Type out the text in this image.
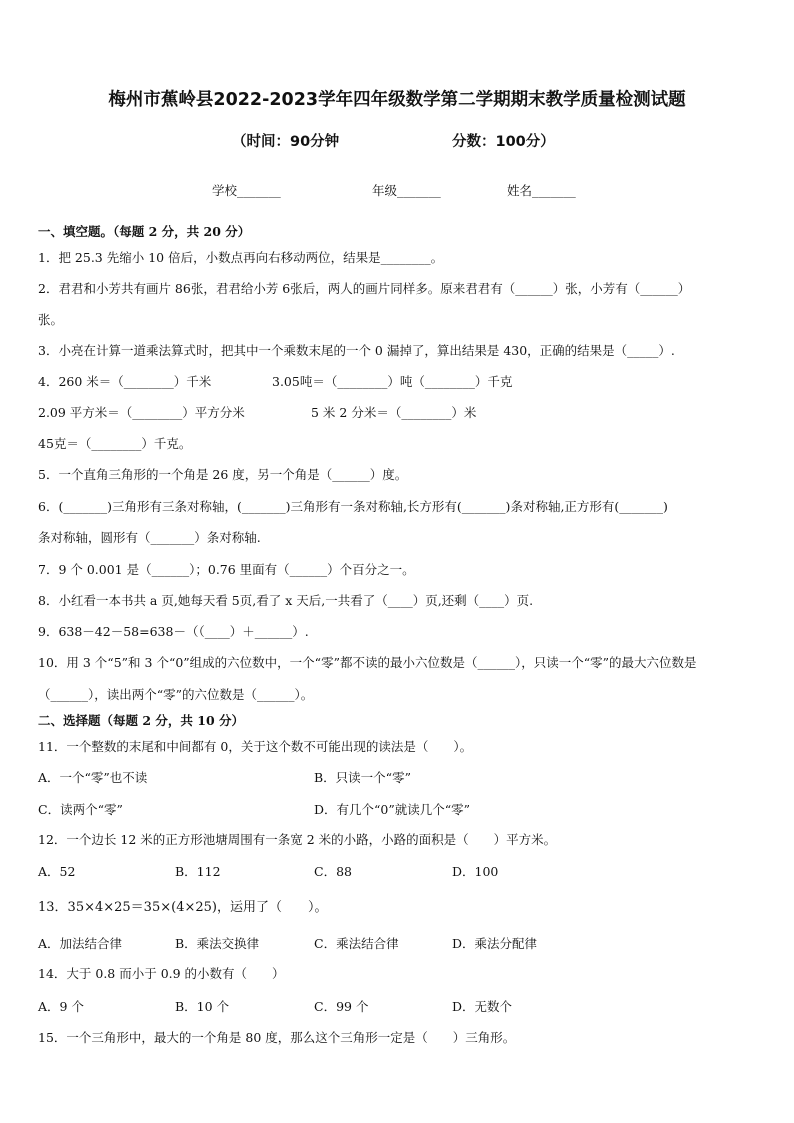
梅州市蕉岭县2022-2023学年四年级数学第二学期期末教学质量检测试题
（时间：90分钟	分数：100分）
学校_______	年级_______	姓名_______
一、填空题。（每题 2 分，共 20 分）
1．把 25.3 先缩小 10 倍后，小数点再向右移动两位，结果是________。
2．君君和小芳共有画片 86张，君君给小芳 6张后，两人的画片同样多。原来君君有（______）张，小芳有（______）
张。
3．小亮在计算一道乘法算式时，把其中一个乘数末尾的一个 0 漏掉了，算出结果是 430，正确的结果是（_____）.
4．260 米＝（________）千米	3.05吨＝（________）吨（________）千克
2.09 平方米＝（________）平方分米	5 米 2 分米＝（________）米
45克＝（________）千克。
5．一个直角三角形的一个角是 26 度，另一个角是（______）度。
6．(_______)三角形有三条对称轴，(_______)三角形有一条对称轴,长方形有(_______)条对称轴,正方形有(_______)
条对称轴，圆形有（_______）条对称轴.
7．9 个 0.001 是（______）；0.76 里面有（______）个百分之一。
8．小红看一本书共 a 页,她每天看 5页,看了 x 天后,一共看了（____）页,还剩（____）页.
9．638－42－58=638－（（____）＋______）.
10．用 3 个“5”和 3 个“0”组成的六位数中，一个“零”都不读的最小六位数是（______），只读一个“零”的最大六位数是
（______），读出两个“零”的六位数是（______）。
二、选择题（每题 2 分，共 10 分）
11．一个整数的末尾和中间都有 0，关于这个数不可能出现的读法是（　　）。
A．一个“零”也不读	B．只读一个“零”
C．读两个“零”	D．有几个“0”就读几个“零”
12．一个边长 12 米的正方形池塘周围有一条宽 2 米的小路，小路的面积是（　　）平方米。
A．52	B．112	C．88	D．100
13．35×4×25＝35×(4×25)，运用了（　　）。
A．加法结合律	B．乘法交换律	C．乘法结合律	D．乘法分配律
14．大于 0.8 而小于 0.9 的小数有（　　）
A．9 个	B．10 个	C．99 个	D．无数个
15．一个三角形中，最大的一个角是 80 度，那么这个三角形一定是（　　）三角形。
